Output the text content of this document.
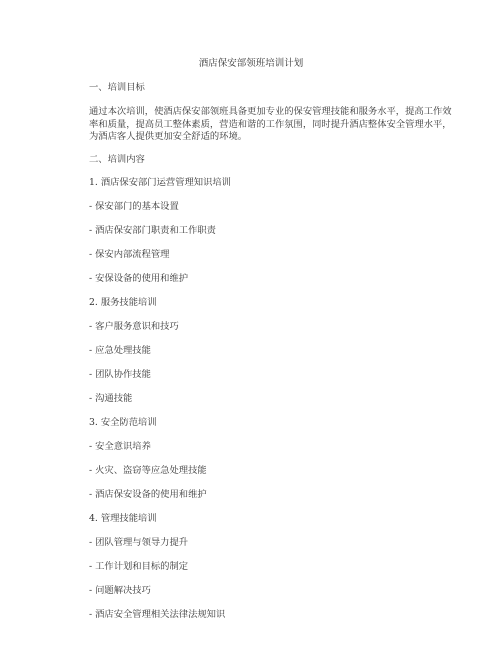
酒店保安部领班培训计划
一、培训目标
通过本次培训，使酒店保安部领班具备更加专业的保安管理技能和服务水平，提高工作效
率和质量，提高员工整体素质，营造和谐的工作氛围，同时提升酒店整体安全管理水平，
为酒店客人提供更加安全舒适的环境。
二、培训内容
1. 酒店保安部门运营管理知识培训
- 保安部门的基本设置
- 酒店保安部门职责和工作职责
- 保安内部流程管理
- 安保设备的使用和维护
2. 服务技能培训
- 客户服务意识和技巧
- 应急处理技能
- 团队协作技能
- 沟通技能
3. 安全防范培训
- 安全意识培养
- 火灾、盗窃等应急处理技能
- 酒店保安设备的使用和维护
4. 管理技能培训
- 团队管理与领导力提升
- 工作计划和目标的制定
- 问题解决技巧
- 酒店安全管理相关法律法规知识
